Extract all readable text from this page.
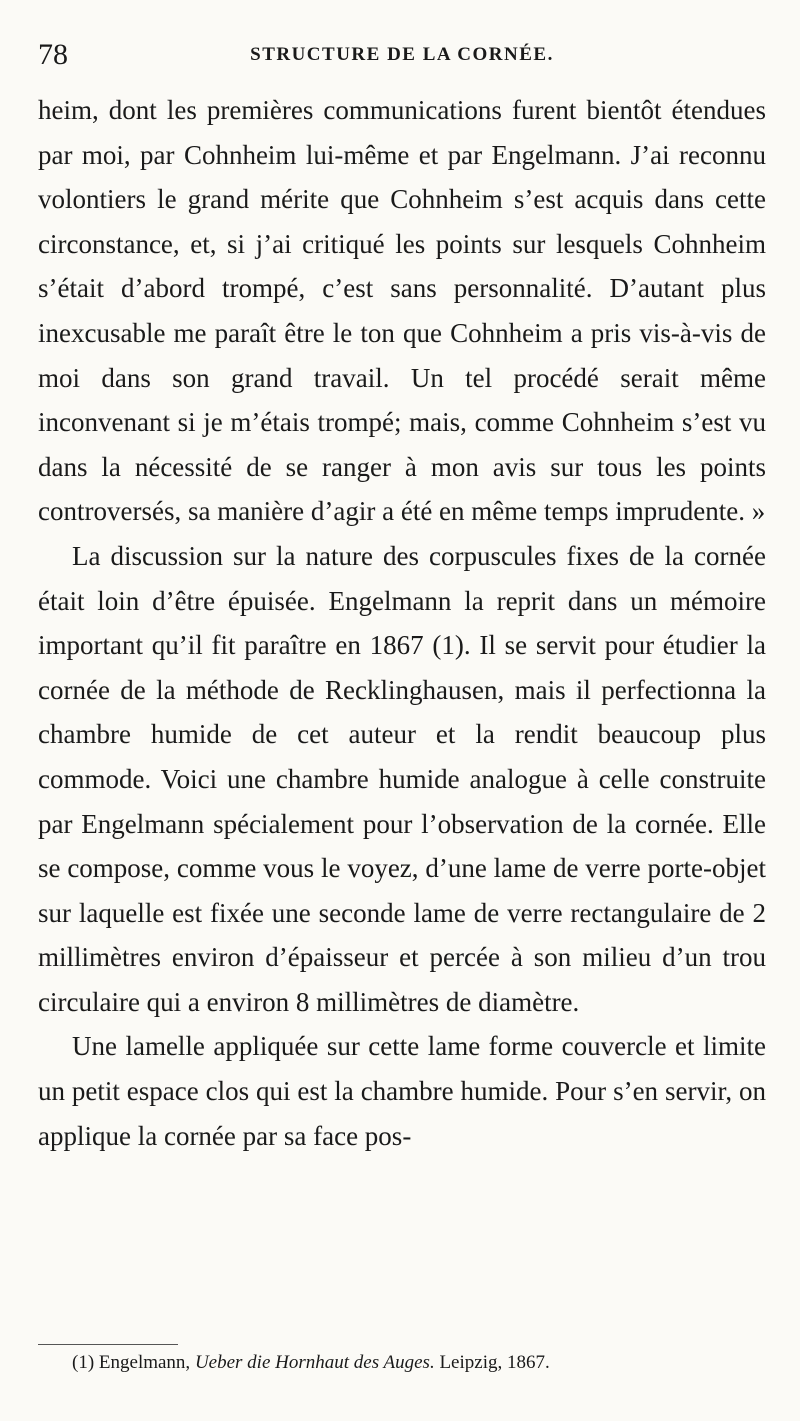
78	STRUCTURE DE LA CORNÉE.

heim, dont les premières communications furent bientôt étendues par moi, par Cohnheim lui-même et par Engelmann. J’ai reconnu volontiers le grand mérite que Cohnheim s’est acquis dans cette circonstance, et, si j’ai critiqué les points sur lesquels Cohnheim s’était d’abord trompé, c’est sans personnalité. D’autant plus inexcusable me paraît être le ton que Cohnheim a pris vis-à-vis de moi dans son grand travail. Un tel procédé serait même inconvenant si je m’étais trompé; mais, comme Cohnheim s’est vu dans la nécessité de se ranger à mon avis sur tous les points controversés, sa manière d’agir a été en même temps imprudente. »

La discussion sur la nature des corpuscules fixes de la cornée était loin d’être épuisée. Engelmann la reprit dans un mémoire important qu’il fit paraître en 1867 (1). Il se servit pour étudier la cornée de la méthode de Recklinghausen, mais il perfectionna la chambre humide de cet auteur et la rendit beaucoup plus commode. Voici une chambre humide analogue à celle construite par Engelmann spécialement pour l’observation de la cornée. Elle se compose, comme vous le voyez, d’une lame de verre porte-objet sur laquelle est fixée une seconde lame de verre rectangulaire de 2 millimètres environ d’épaisseur et percée à son milieu d’un trou circulaire qui a environ 8 millimètres de diamètre.

Une lamelle appliquée sur cette lame forme couvercle et limite un petit espace clos qui est la chambre humide. Pour s’en servir, on applique la cornée par sa face pos-

(1) Engelmann, Ueber die Hornhaut des Auges. Leipzig, 1867.
